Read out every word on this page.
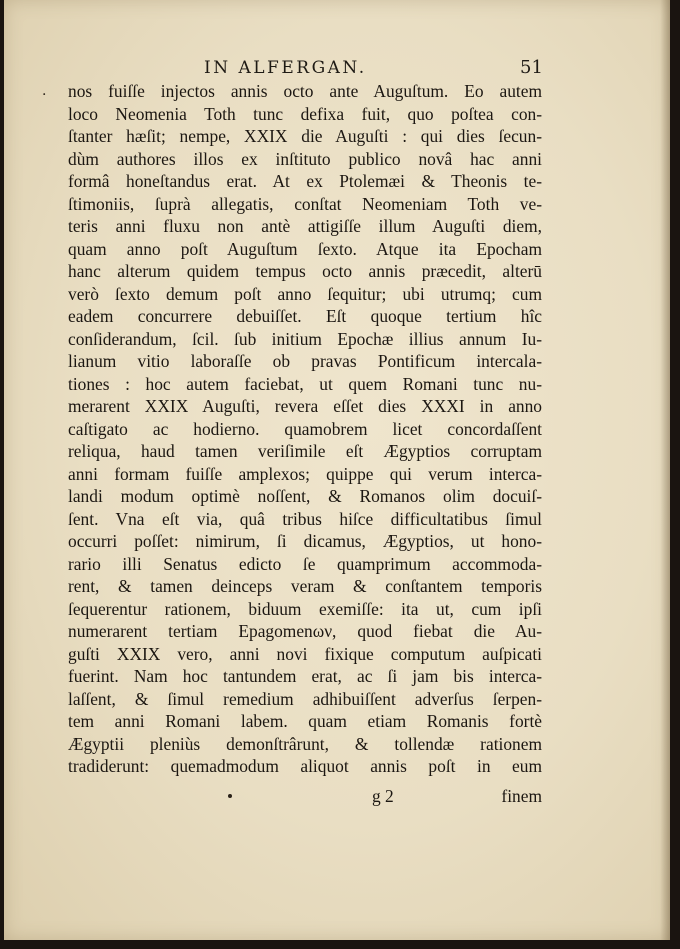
IN ALFERGAN.	51
· nos fuiſſe injectos annis octo ante Auguſtum. Eo autem
loco Neomenia Toth tunc defixa fuit, quo poſtea con-
ſtanter hæſit; nempe, XXIX die Auguſti : qui dies ſecun-
dùm authores illos ex inſtituto publico novâ hac anni
formâ honeſtandus erat. At ex Ptolemæi & Theonis te-
ſtimoniis, ſuprà allegatis, conſtat Neomeniam Toth ve-
teris anni fluxu non antè attigiſſe illum Auguſti diem,
quam anno poſt Auguſtum ſexto. Atque ita Epocham
hanc alterum quidem tempus octo annis præcedit, alterū
verò ſexto demum poſt anno ſequitur; ubi utrumq; cum
eadem concurrere debuiſſet. Eſt quoque tertium hîc
conſiderandum, ſcil. ſub initium Epochæ illius annum Iu-
lianum vitio laboraſſe ob pravas Pontificum intercala-
tiones : hoc autem faciebat, ut quem Romani tunc nu-
merarent XXIX Auguſti, revera eſſet dies XXXI in anno
caſtigato ac hodierno. quamobrem licet concordaſſent
reliqua, haud tamen veriſimile eſt Ægyptios corruptam
anni formam fuiſſe amplexos; quippe qui verum interca-
landi modum optimè noſſent, & Romanos olim docuiſ-
ſent. Vna eſt via, quâ tribus hiſce difficultatibus ſimul
occurri poſſet: nimirum, ſi dicamus, Ægyptios, ut hono-
rario illi Senatus edicto ſe quamprimum accommoda-
rent, & tamen deinceps veram & conſtantem temporis
ſequerentur rationem, biduum exemiſſe: ita ut, cum ipſi
numerarent tertiam Epagomenων, quod fiebat die Au-
guſti XXIX vero, anni novi fixique computum auſpicati
fuerint. Nam hoc tantundem erat, ac ſi jam bis interca-
laſſent, & ſimul remedium adhibuiſſent adverſus ſerpen-
tem anni Romani labem. quam etiam Romanis fortè
Ægyptii pleniùs demonſtrârunt, & tollendæ rationem
tradiderunt: quemadmodum aliquot annis poſt in eum
g 2	finem
